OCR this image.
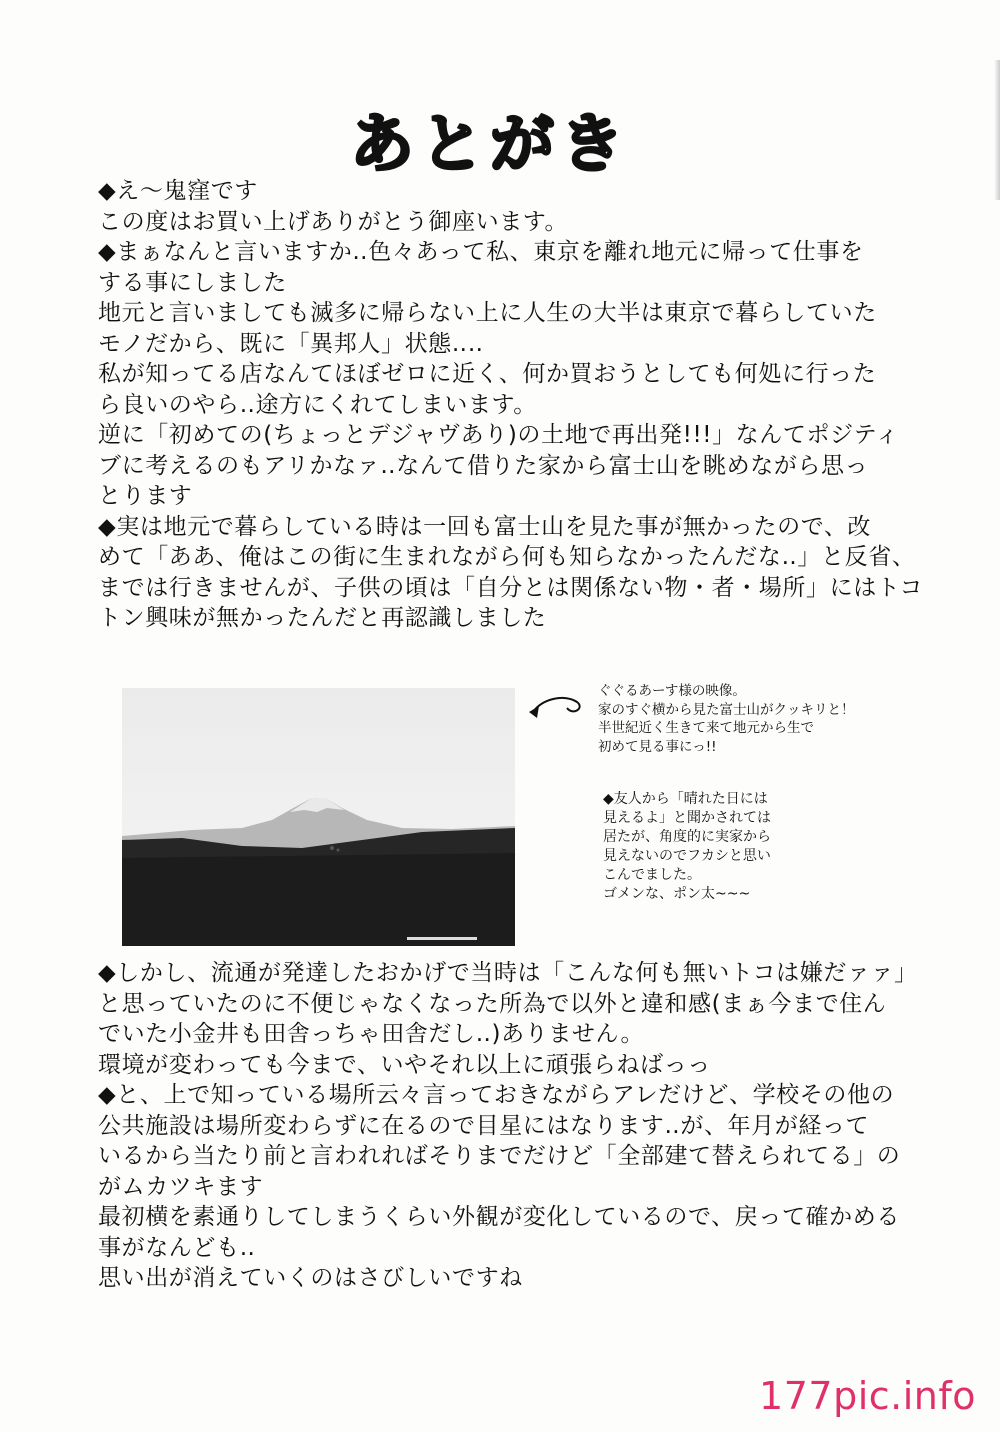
あとがき
◆え～鬼窪です
この度はお買い上げありがとう御座います。
◆まぁなんと言いますか‥色々あって私、東京を離れ地元に帰って仕事を
する事にしました
地元と言いましても滅多に帰らない上に人生の大半は東京で暮らしていた
モノだから、既に「異邦人」状態‥‥
私が知ってる店なんてほぼゼロに近く、何か買おうとしても何処に行った
ら良いのやら‥途方にくれてしまいます。
逆に「初めての(ちょっとデジャヴあり)の土地で再出発!!!」なんてポジティ
ブに考えるのもアリかなァ‥なんて借りた家から富士山を眺めながら思っ
とります
◆実は地元で暮らしている時は一回も富士山を見た事が無かったので、改
めて「ああ、俺はこの街に生まれながら何も知らなかったんだな‥」と反省、
までは行きませんが、子供の頃は「自分とは関係ない物・者・場所」にはトコ
トン興味が無かったんだと再認識しました
ぐぐるあーす様の映像。
家のすぐ横から見た富士山がクッキリと！
半世紀近く生きて来て地元から生で
初めて見る事にっ!!
◆友人から「晴れた日には
見えるよ」と聞かされては
居たが、角度的に実家から
見えないのでフカシと思い
こんでました。
ゴメンな、ポン太~~~
◆しかし、流通が発達したおかげで当時は「こんな何も無いトコは嫌だァァ」
と思っていたのに不便じゃなくなった所為で以外と違和感(まぁ今まで住ん
でいた小金井も田舎っちゃ田舎だし‥)ありません。
環境が変わっても今まで、いやそれ以上に頑張らねばっっ
◆と、上で知っている場所云々言っておきながらアレだけど、学校その他の
公共施設は場所変わらずに在るので目星にはなります‥が、年月が経って
いるから当たり前と言われればそりまでだけど「全部建て替えられてる」の
がムカツキます
最初横を素通りしてしまうくらい外観が変化しているので、戻って確かめる
事がなんども‥
思い出が消えていくのはさびしいですね
177pic.info
